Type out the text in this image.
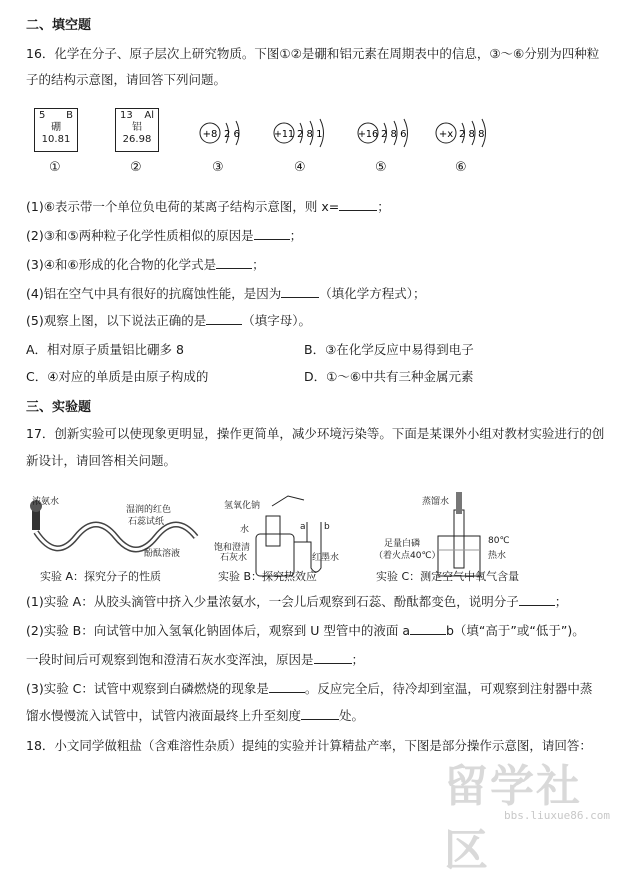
二、填空题
16．化学在分子、原子层次上研究物质。下图①②是硼和铝元素在周期表中的信息，③～⑥分别为四种粒
子的结构示意图，请回答下列问题。
5 B
硼
10.81
13 Al
铝
26.98	+8 2 6	+11 2 8 1	+16 2 8 6	+x 2 8 8
①	②	③	④	⑤	⑥
(1)⑥表示带一个单位负电荷的某离子结构示意图，则 x=	；
(2)③和⑤两种粒子化学性质相似的原因是	；
(3)④和⑥形成的化合物的化学式是	；
(4)铝在空气中具有很好的抗腐蚀性能，是因为	（填化学方程式）；
(5)观察上图，以下说法正确的是	（填字母）。
A．相对原子质量铝比硼多 8	B．③在化学反应中易得到电子
C．④对应的单质是由原子构成的	D．①～⑥中共有三种金属元素
三、实验题
17．创新实验可以使现象更明显，操作更简单，减少环境污染等。下面是某课外小组对教材实验进行的创
新设计，请回答相关问题。
浓氨水
湿润的红色
石蕊试纸
酚酞溶液
实验 A：探究分子的性质
氢氧化钠
水
饱和澄清
石灰水	红墨水
a b
实验 B：探究热效应
蒸馏水
80℃
热水
足量白磷
（着火点40℃）
实验 C：测定空气中氧气含量
(1)实验 A：从胶头滴管中挤入少量浓氨水，一会儿后观察到石蕊、酚酞都变色，说明分子	；
(2)实验 B：向试管中加入氢氧化钠固体后，观察到 U 型管中的液面 a	b（填“高于”或“低于”)。
一段时间后可观察到饱和澄清石灰水变浑浊，原因是	；
(3)实验 C：试管中观察到白磷燃烧的现象是	。反应完全后，待冷却到室温，可观察到注射器中蒸
馏水慢慢流入试管中，试管内液面最终上升至刻度	处。
18．小文同学做粗盐（含难溶性杂质）提纯的实验并计算精盐产率，下图是部分操作示意图，请回答：
留学社区
bbs.liuxue86.com
